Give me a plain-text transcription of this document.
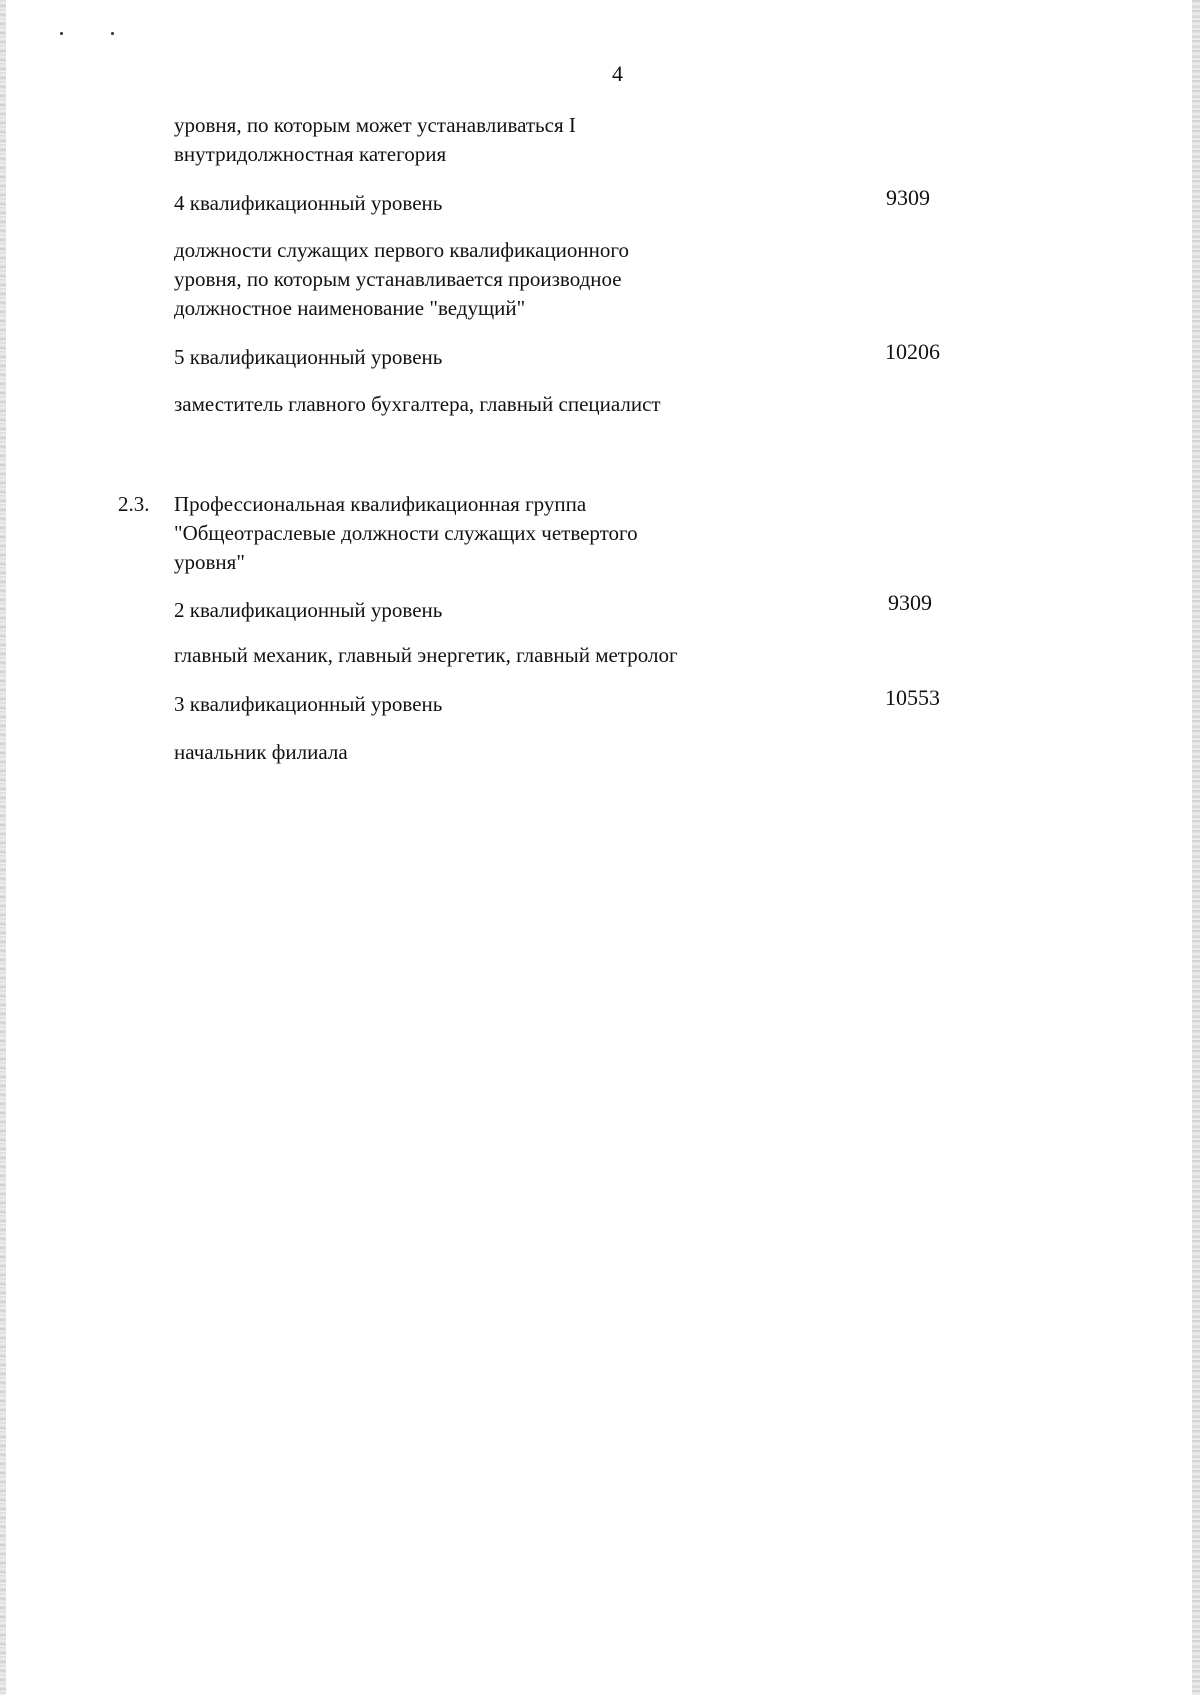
4
уровня, по которым может устанавливаться I
внутридолжностная категория
4 квалификационный уровень	9309
должности служащих первого квалификационного
уровня, по которым устанавливается производное
должностное наименование "ведущий"
5 квалификационный уровень	10206
заместитель главного бухгалтера, главный специалист
2.3. Профессиональная квалификационная группа
"Общеотраслевые должности служащих четвертого
уровня"
2 квалификационный уровень	9309
главный механик, главный энергетик, главный метролог
3 квалификационный уровень	10553
начальник филиала
